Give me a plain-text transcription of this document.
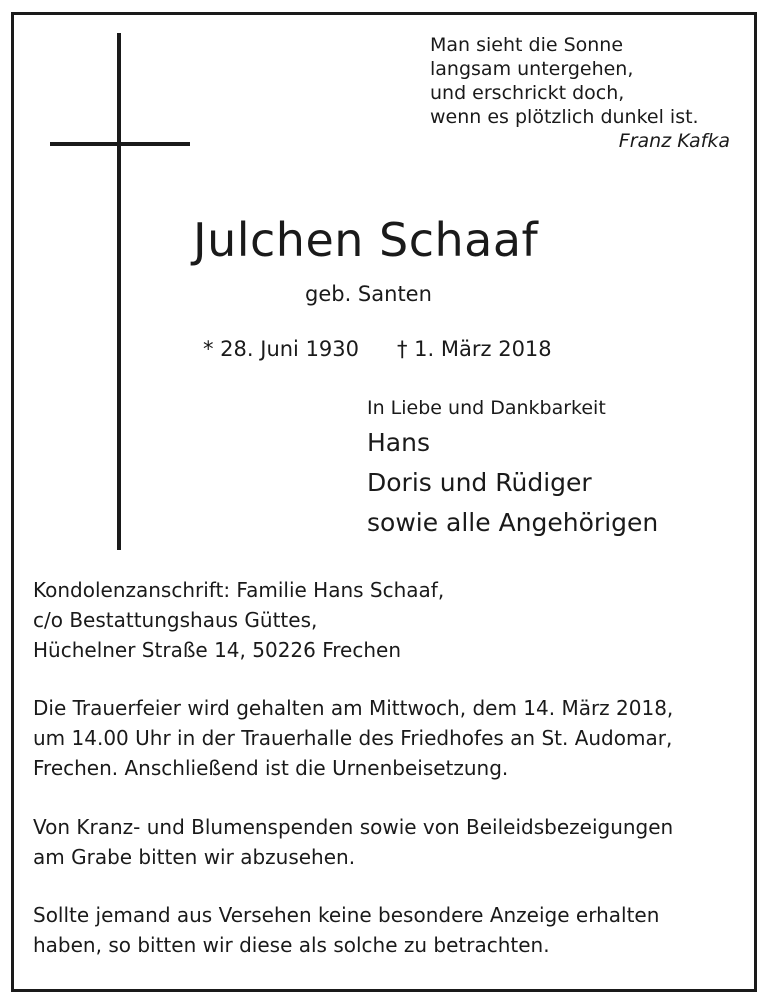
Man sieht die Sonne
langsam untergehen,
und erschrickt doch,
wenn es plötzlich dunkel ist.
Franz Kafka
Julchen Schaaf
geb. Santen
* 28. Juni 1930 † 1. März 2018
In Liebe und Dankbarkeit
Hans
Doris und Rüdiger
sowie alle Angehörigen
Kondolenzanschrift: Familie Hans Schaaf,
c/o Bestattungshaus Güttes,
Hüchelner Straße 14, 50226 Frechen
Die Trauerfeier wird gehalten am Mittwoch, dem 14. März 2018,
um 14.00 Uhr in der Trauerhalle des Friedhofes an St. Audomar,
Frechen. Anschließend ist die Urnenbeisetzung.
Von Kranz- und Blumenspenden sowie von Beileidsbezeigungen
am Grabe bitten wir abzusehen.
Sollte jemand aus Versehen keine besondere Anzeige erhalten
haben, so bitten wir diese als solche zu betrachten.
